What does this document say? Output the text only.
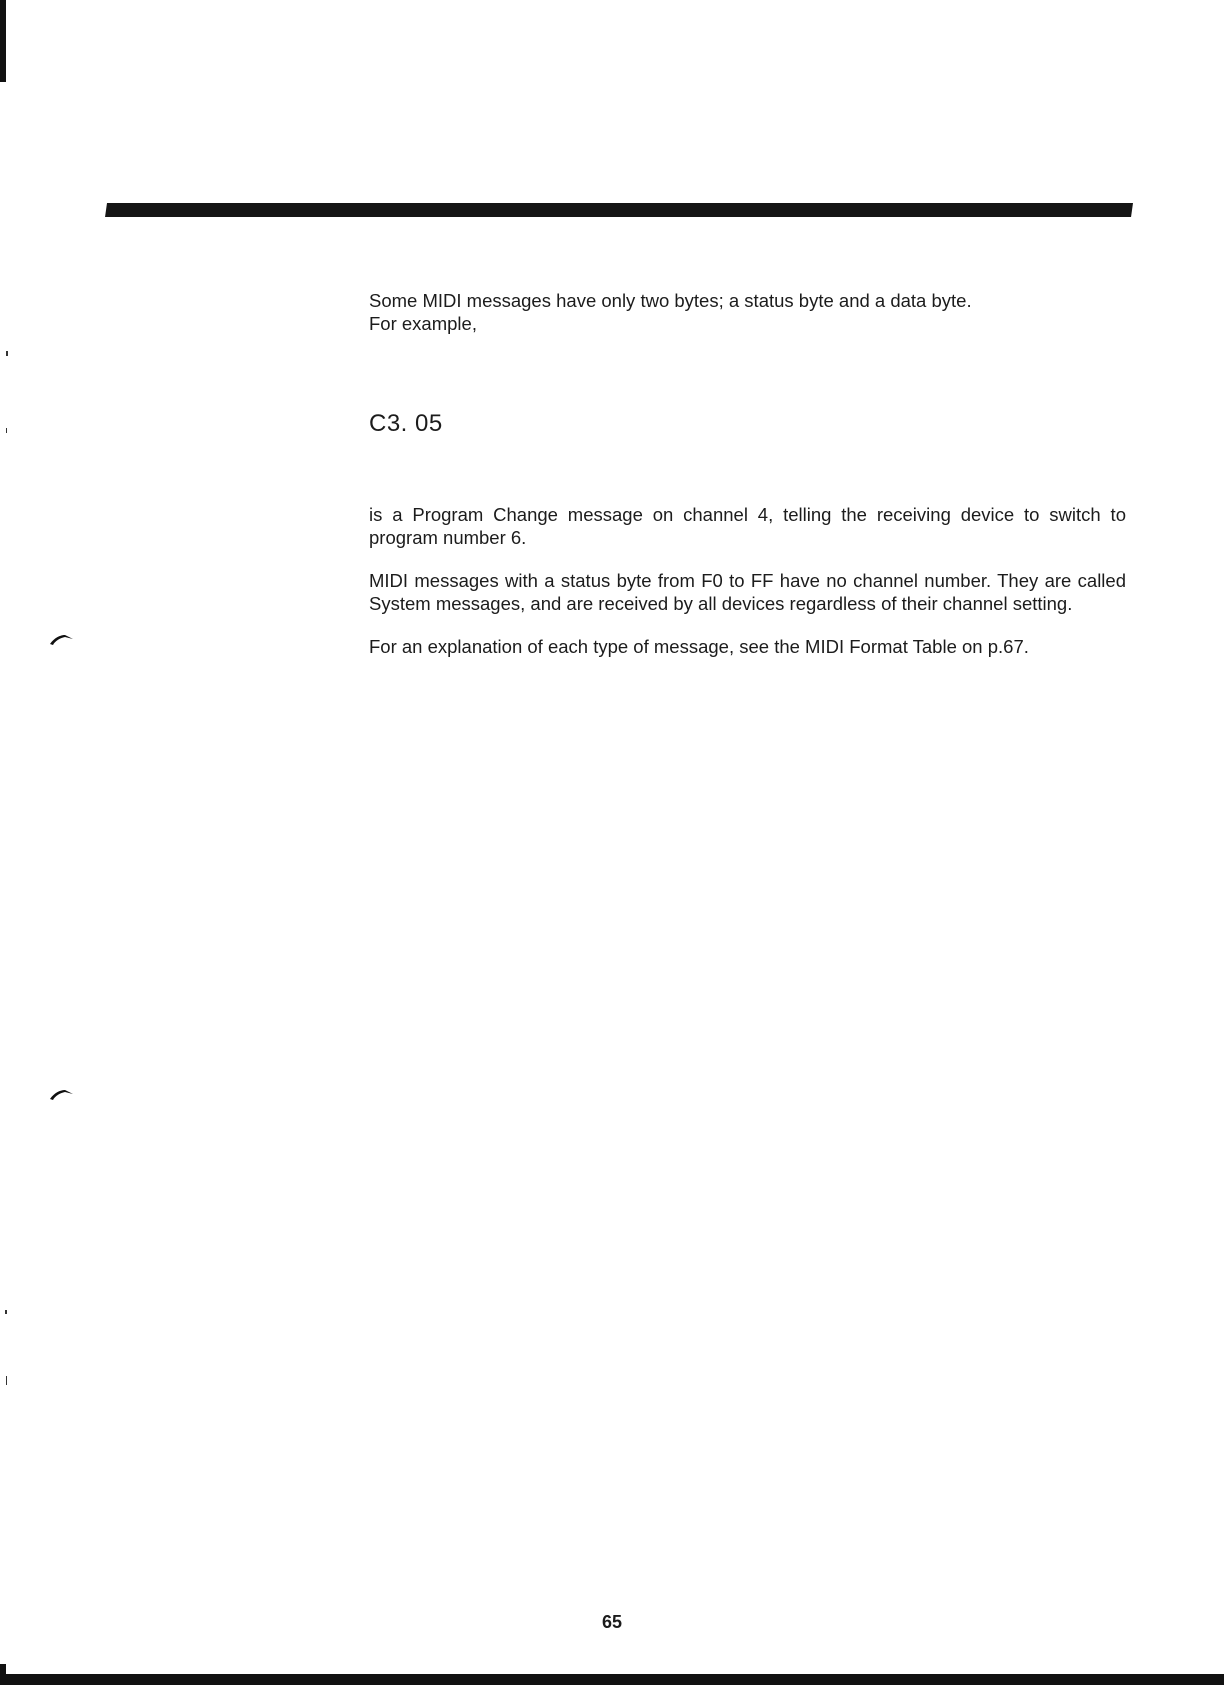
Some MIDI messages have only two bytes; a status byte and a data byte.
For example,

C3. 05

is a Program Change message on channel 4, telling the receiving device to switch to program number 6.

MIDI messages with a status byte from F0 to FF have no channel number. They are called System messages, and are received by all devices regardless of their channel setting.

For an explanation of each type of message, see the MIDI Format Table on p.67.

65
